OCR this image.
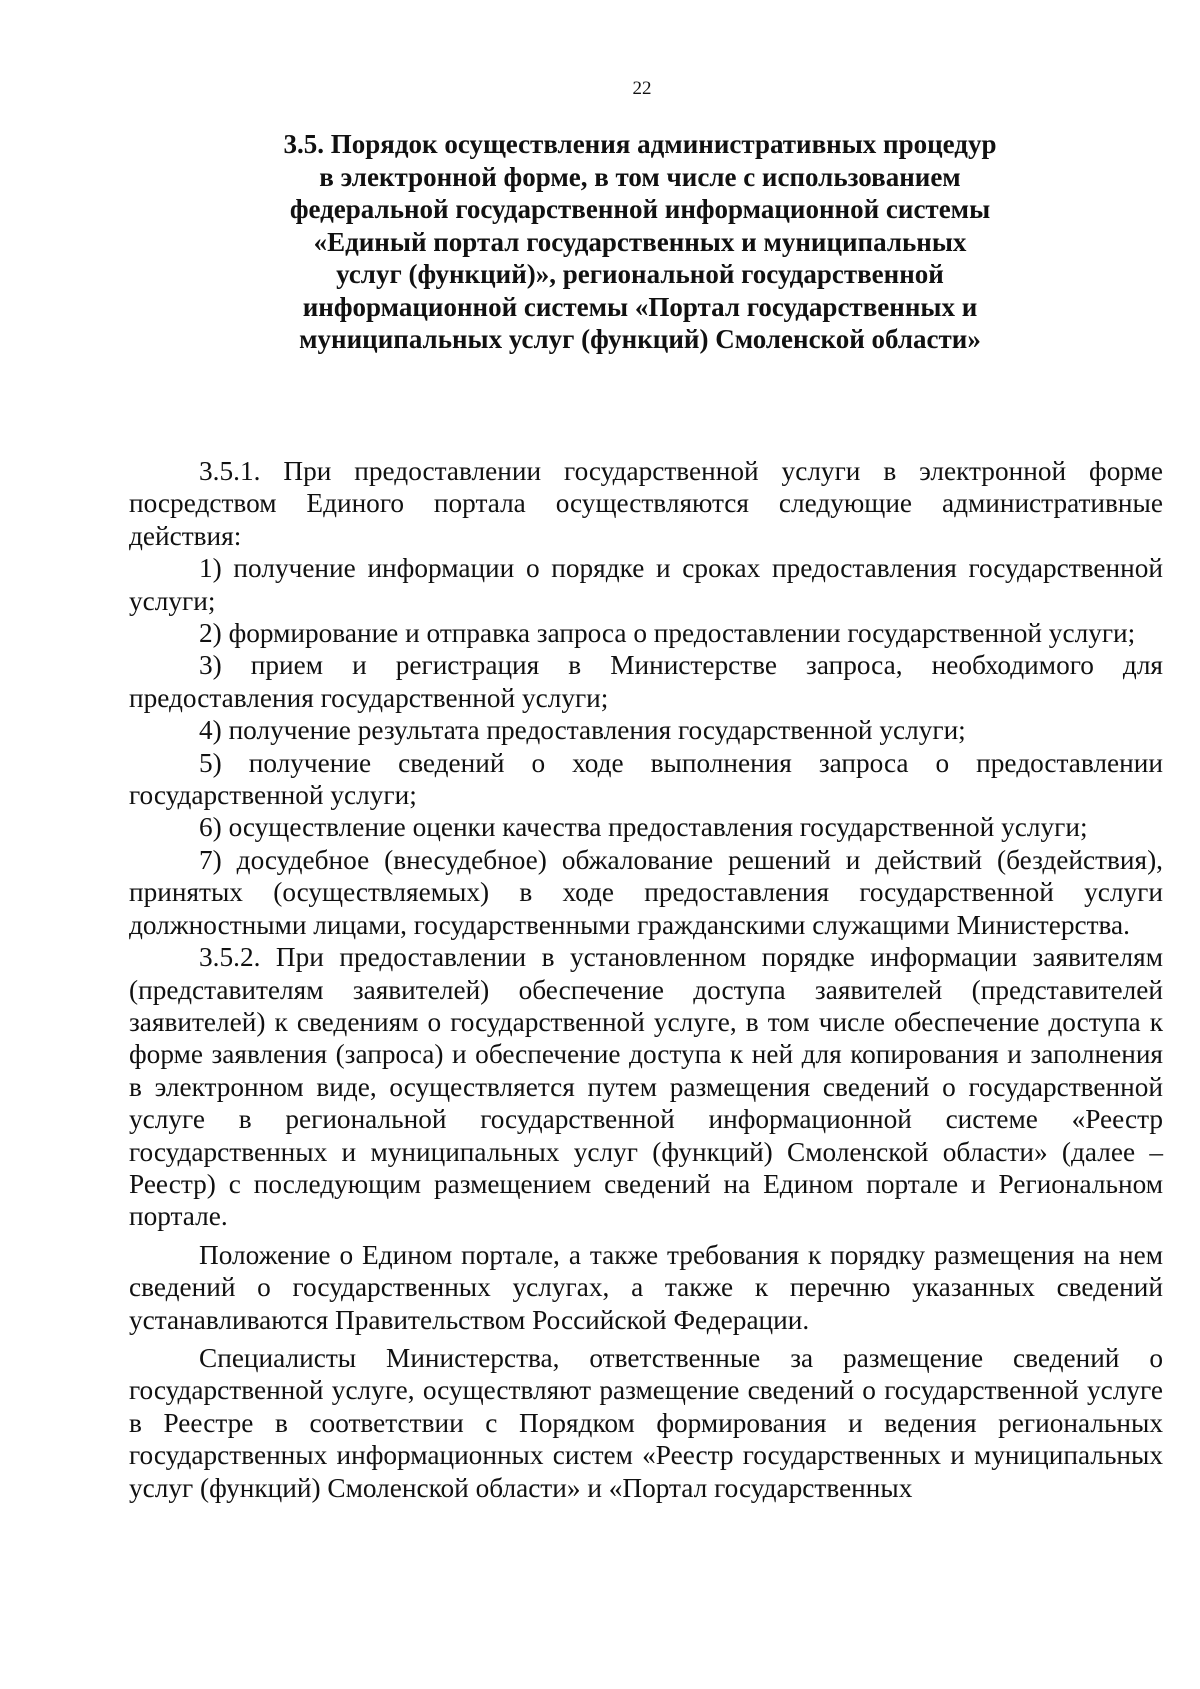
22
3.5. Порядок осуществления административных процедур в электронной форме, в том числе с использованием федеральной государственной информационной системы «Единый портал государственных и муниципальных услуг (функций)», региональной государственной информационной системы «Портал государственных и муниципальных услуг (функций) Смоленской области»

3.5.1. При предоставлении государственной услуги в электронной форме посредством Единого портала осуществляются следующие административные действия:

1) получение информации о порядке и сроках предоставления государственной услуги;

2) формирование и отправка запроса о предоставлении государственной услуги;

3) прием и регистрация в Министерстве запроса, необходимого для предоставления государственной услуги;

4) получение результата предоставления государственной услуги;

5) получение сведений о ходе выполнения запроса о предоставлении государственной услуги;

6) осуществление оценки качества предоставления государственной услуги;

7) досудебное (внесудебное) обжалование решений и действий (бездействия), принятых (осуществляемых) в ходе предоставления государственной услуги должностными лицами, государственными гражданскими служащими Министерства.

3.5.2. При предоставлении в установленном порядке информации заявителям (представителям заявителей) обеспечение доступа заявителей (представителей заявителей) к сведениям о государственной услуге, в том числе обеспечение доступа к форме заявления (запроса) и обеспечение доступа к ней для копирования и заполнения в электронном виде, осуществляется путем размещения сведений о государственной услуге в региональной государственной информационной системе «Реестр государственных и муниципальных услуг (функций) Смоленской области» (далее – Реестр) с последующим размещением сведений на Едином портале и Региональном портале.

Положение о Едином портале, а также требования к порядку размещения на нем сведений о государственных услугах, а также к перечню указанных сведений устанавливаются Правительством Российской Федерации.

Специалисты Министерства, ответственные за размещение сведений о государственной услуге, осуществляют размещение сведений о государственной услуге в Реестре в соответствии с Порядком формирования и ведения региональных государственных информационных систем «Реестр государственных и муниципальных услуг (функций) Смоленской области» и «Портал государственных
